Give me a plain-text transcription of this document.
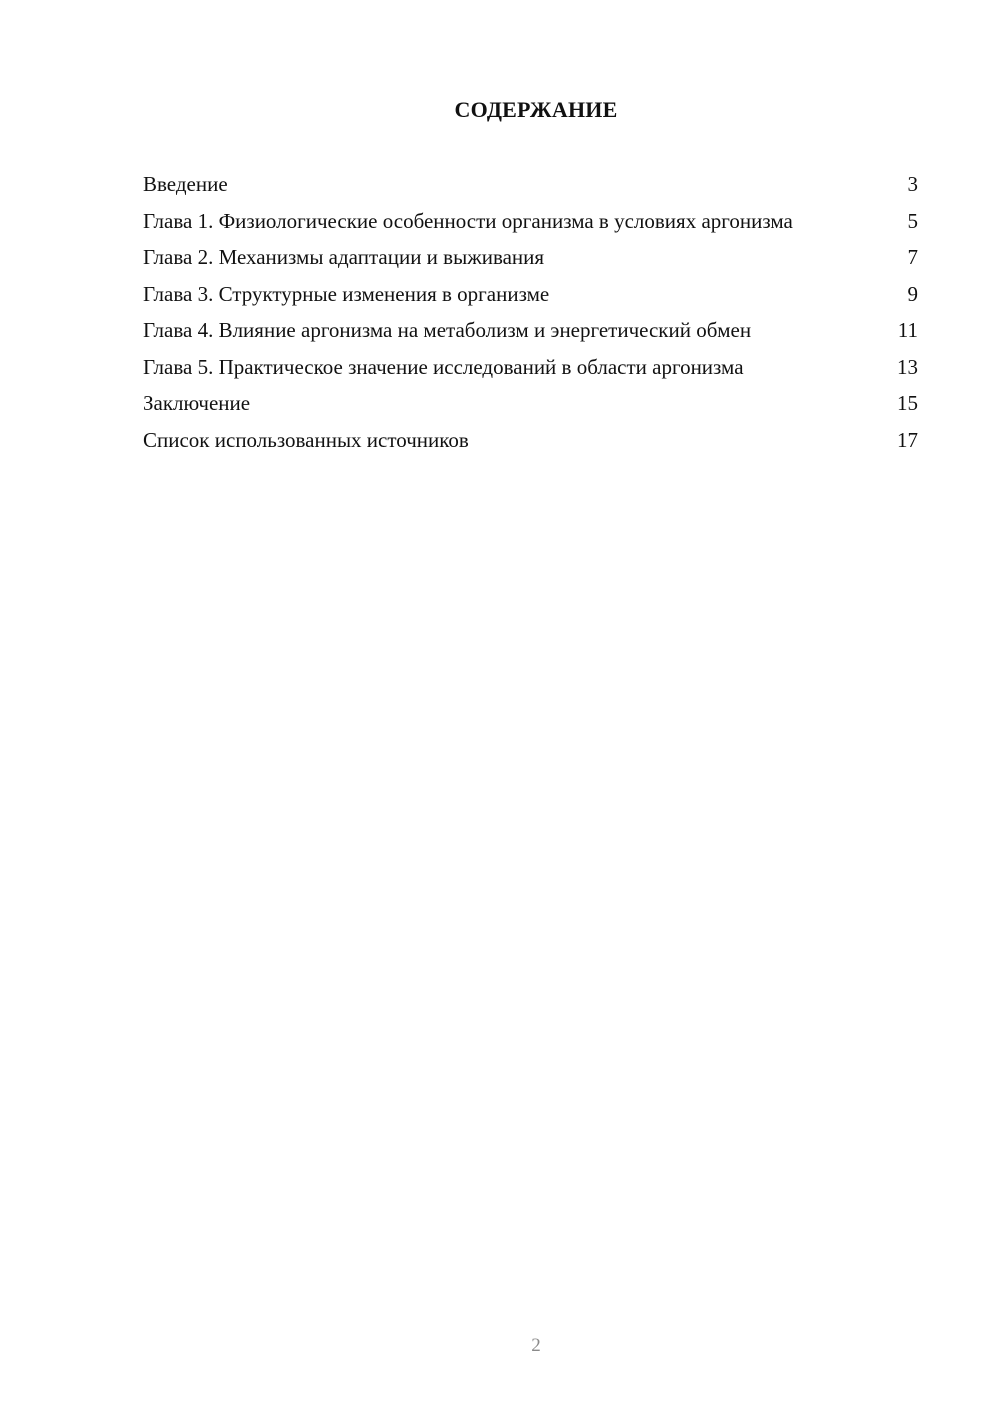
СОДЕРЖАНИЕ
Введение	3
Глава 1. Физиологические особенности организма в условиях аргонизма	5
Глава 2. Механизмы адаптации и выживания	7
Глава 3. Структурные изменения в организме	9
Глава 4. Влияние аргонизма на метаболизм и энергетический обмен	11
Глава 5. Практическое значение исследований в области аргонизма	13
Заключение	15
Список использованных источников	17
2
